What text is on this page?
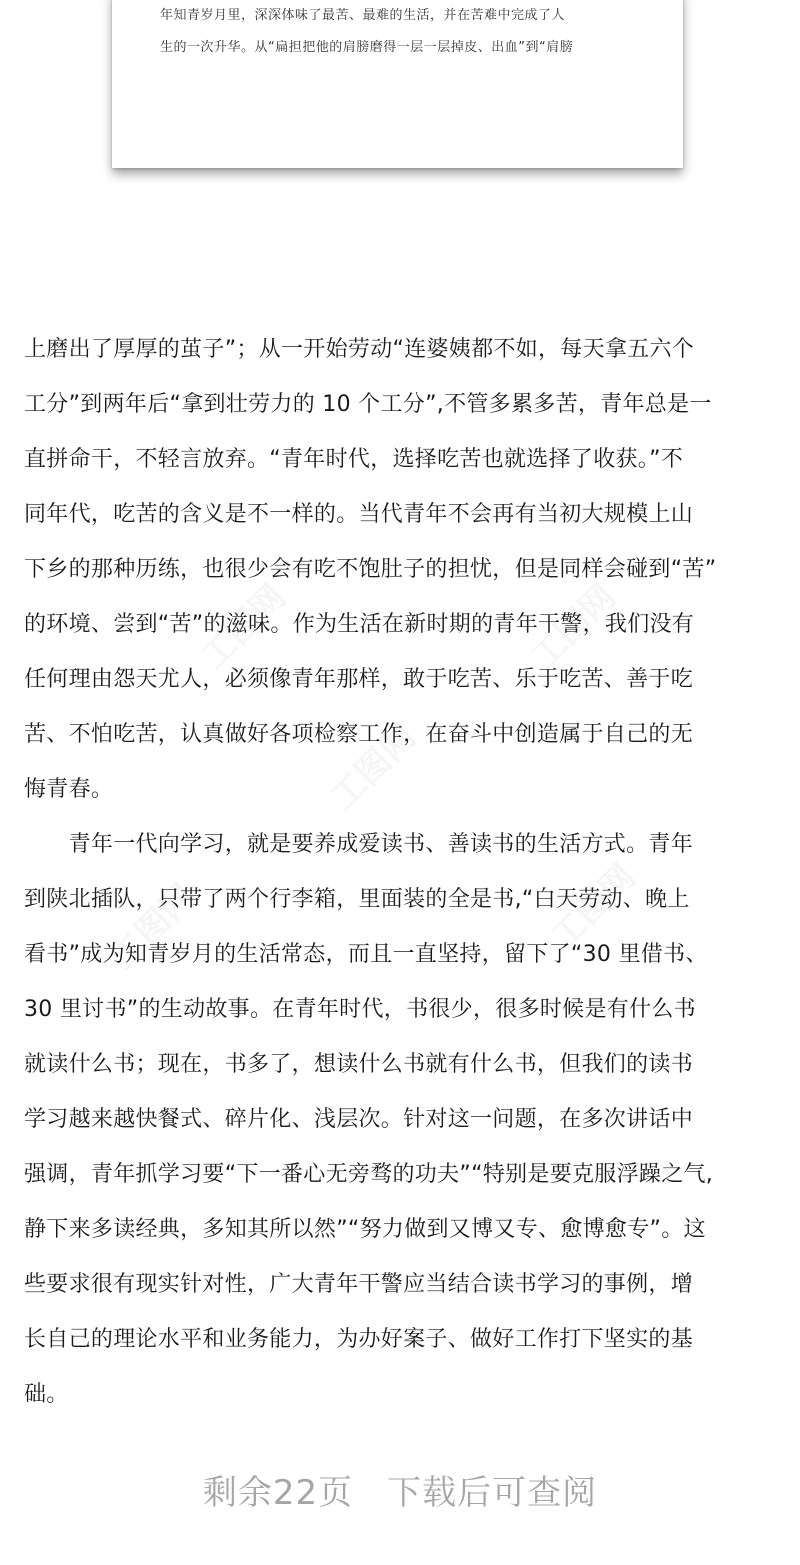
年知青岁月里，深深体味了最苦、最难的生活，并在苦难中完成了人
生的一次升华。从“扁担把他的肩膀磨得一层一层掉皮、出血”到“肩膀
工图网
工图网
工图网
工图网	工图网
上磨出了厚厚的茧子”；从一开始劳动“连婆姨都不如，每天拿五六个
工分”到两年后“拿到壮劳力的 10 个工分”,不管多累多苦，青年总是一
直拼命干，不轻言放弃。“青年时代，选择吃苦也就选择了收获。”不
同年代，吃苦的含义是不一样的。当代青年不会再有当初大规模上山
下乡的那种历练，也很少会有吃不饱肚子的担忧，但是同样会碰到“苦”
的环境、尝到“苦”的滋味。作为生活在新时期的青年干警，我们没有
任何理由怨天尤人，必须像青年那样，敢于吃苦、乐于吃苦、善于吃
苦、不怕吃苦，认真做好各项检察工作，在奋斗中创造属于自己的无
悔青春。
　　青年一代向学习，就是要养成爱读书、善读书的生活方式。青年
到陕北插队，只带了两个行李箱，里面装的全是书,“白天劳动、晚上
看书”成为知青岁月的生活常态，而且一直坚持，留下了“30 里借书、
30 里讨书”的生动故事。在青年时代，书很少，很多时候是有什么书
就读什么书；现在，书多了，想读什么书就有什么书，但我们的读书
学习越来越快餐式、碎片化、浅层次。针对这一问题，在多次讲话中
强调，青年抓学习要“下一番心无旁骛的功夫”“特别是要克服浮躁之气,
静下来多读经典，多知其所以然”“努力做到又博又专、愈博愈专”。这
些要求很有现实针对性，广大青年干警应当结合读书学习的事例，增
长自己的理论水平和业务能力，为办好案子、做好工作打下坚实的基
础。
剩余22页 下载后可查阅
